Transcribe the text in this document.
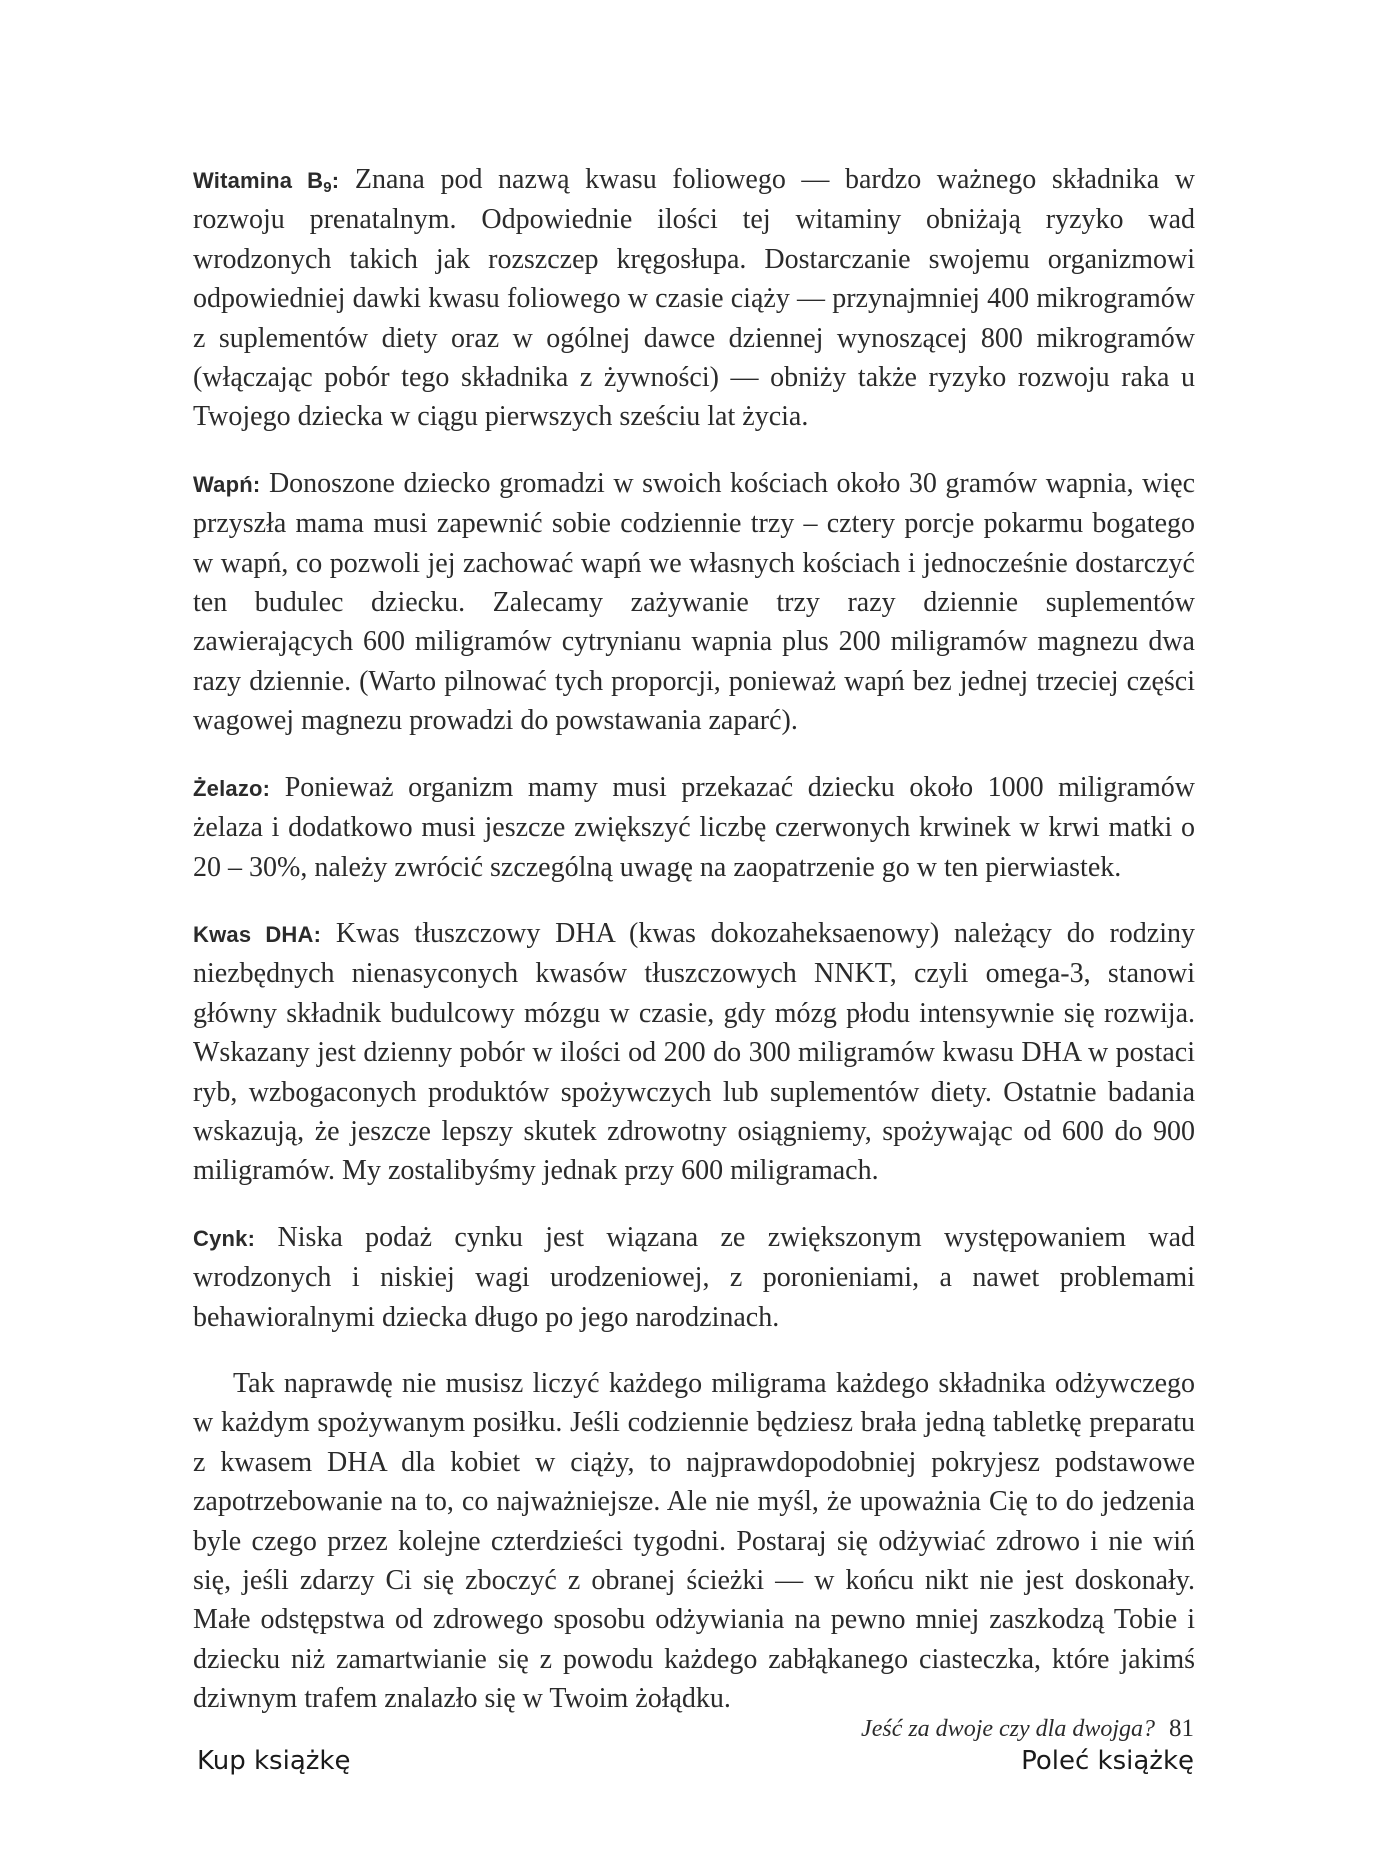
Witamina $B_9$: Znana pod nazwą kwasu foliowego — bardzo ważnego składnika w rozwoju prenatalnym. Odpowiednie ilości tej witaminy obniżają ryzyko wad wrodzonych takich jak rozszczep kręgosłupa. Dostarczanie swojemu organizmowi odpowiedniej dawki kwasu foliowego w czasie ciąży — przynajmniej 400 mikrogramów z suplementów diety oraz w ogólnej dawce dziennej wynoszącej 800 mikrogramów (włączając pobór tego składnika z żywności) — obniży także ryzyko rozwoju raka u Twojego dziecka w ciągu pierwszych sześciu lat życia.

Wapń: Donoszone dziecko gromadzi w swoich kościach około 30 gramów wapnia, więc przyszła mama musi zapewnić sobie codziennie trzy – cztery porcje pokarmu bogatego w wapń, co pozwoli jej zachować wapń we własnych kościach i jednocześnie dostarczyć ten budulec dziecku. Zalecamy zażywanie trzy razy dziennie suplementów zawierających 600 miligramów cytrynianu wapnia plus 200 miligramów magnezu dwa razy dziennie. (Warto pilnować tych proporcji, ponieważ wapń bez jednej trzeciej części wagowej magnezu prowadzi do powstawania zaparć).

Żelazo: Ponieważ organizm mamy musi przekazać dziecku około 1000 miligramów żelaza i dodatkowo musi jeszcze zwiększyć liczbę czerwonych krwinek w krwi matki o 20 – 30%, należy zwrócić szczególną uwagę na zaopatrzenie go w ten pierwiastek.

Kwas DHA: Kwas tłuszczowy DHA (kwas dokozaheksaenowy) należący do rodziny niezbędnych nienasyconych kwasów tłuszczowych NNKT, czyli omega-3, stanowi główny składnik budulcowy mózgu w czasie, gdy mózg płodu intensywnie się rozwija. Wskazany jest dzienny pobór w ilości od 200 do 300 miligramów kwasu DHA w postaci ryb, wzbogaconych produktów spożywczych lub suplementów diety. Ostatnie badania wskazują, że jeszcze lepszy skutek zdrowotny osiągniemy, spożywając od 600 do 900 miligramów. My zostalibyśmy jednak przy 600 miligramach.

Cynk: Niska podaż cynku jest wiązana ze zwiększonym występowaniem wad wrodzonych i niskiej wagi urodzeniowej, z poronieniami, a nawet problemami behawioralnymi dziecka długo po jego narodzinach.

Tak naprawdę nie musisz liczyć każdego miligrama każdego składnika odżywczego w każdym spożywanym posiłku. Jeśli codziennie będziesz brała jedną tabletkę preparatu z kwasem DHA dla kobiet w ciąży, to najprawdopodobniej pokryjesz podstawowe zapotrzebowanie na to, co najważniejsze. Ale nie myśl, że upoważnia Cię to do jedzenia byle czego przez kolejne czterdzieści tygodni. Postaraj się odżywiać zdrowo i nie wiń się, jeśli zdarzy Ci się zboczyć z obranej ścieżki — w końcu nikt nie jest doskonały. Małe odstępstwa od zdrowego sposobu odżywiania na pewno mniej zaszkodzą Tobie i dziecku niż zamartwianie się z powodu każdego zabłąkanego ciasteczka, które jakimś dziwnym trafem znalazło się w Twoim żołądku.

Jeść za dwoje czy dla dwojga? 81
Kup książkę	Poleć książkę
